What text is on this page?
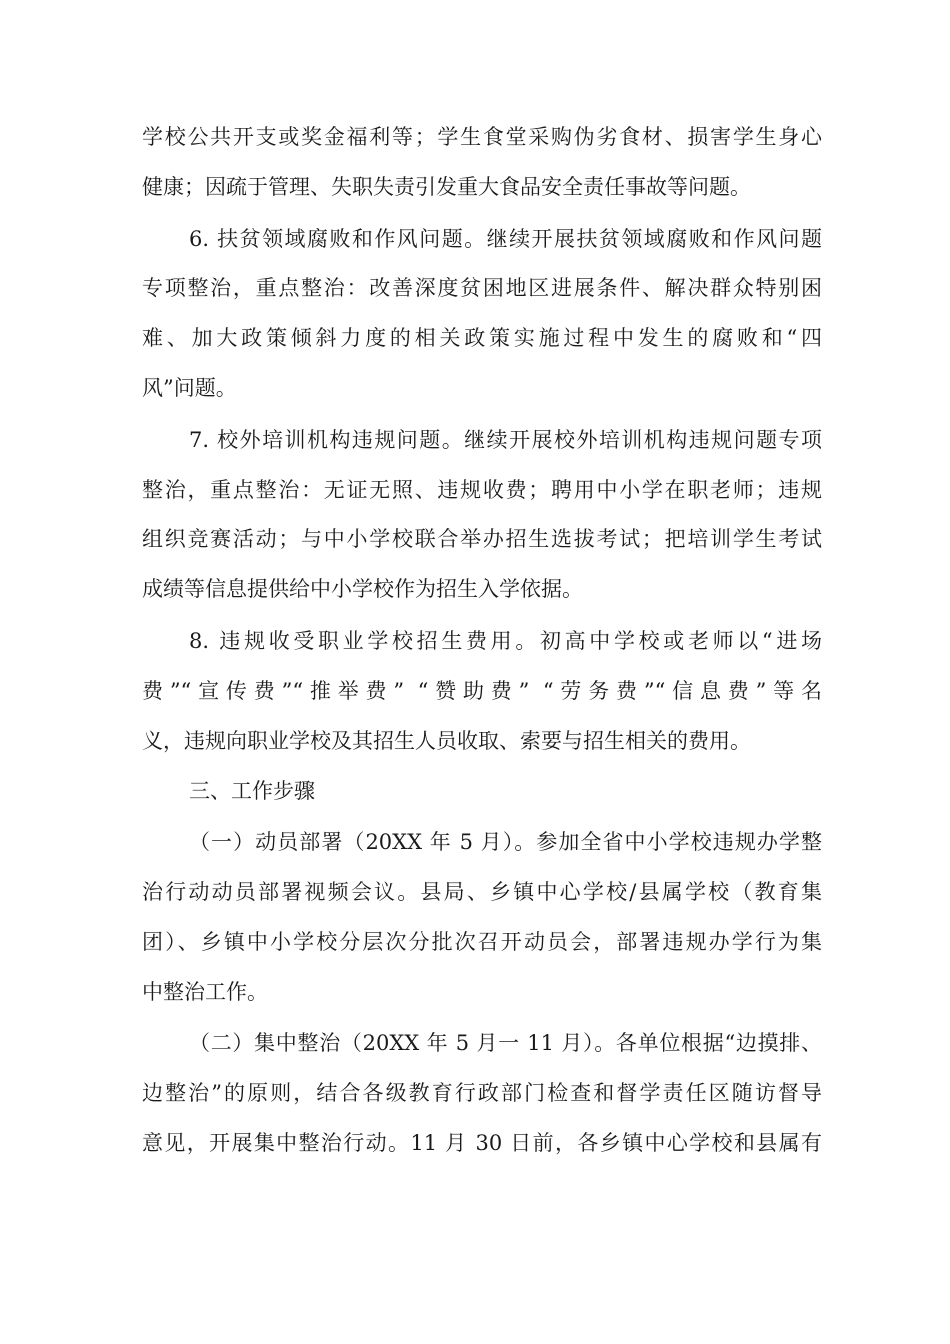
学校公共开支或奖金福利等；学生食堂采购伪劣食材、损害学生身心
健康；因疏于管理、失职失责引发重大食品安全责任事故等问题。
6. 扶贫领域腐败和作风问题。继续开展扶贫领域腐败和作风问题
专项整治，重点整治：改善深度贫困地区进展条件、解决群众特别困
难、加大政策倾斜力度的相关政策实施过程中发生的腐败和“四
风”问题。
7. 校外培训机构违规问题。继续开展校外培训机构违规问题专项
整治，重点整治：无证无照、违规收费；聘用中小学在职老师；违规
组织竞赛活动；与中小学校联合举办招生选拔考试；把培训学生考试
成绩等信息提供给中小学校作为招生入学依据。
8. 违规收受职业学校招生费用。初高中学校或老师以“进场
费”“宣传费”“推举费” “赞助费” “劳务费”“信息费”等名
义，违规向职业学校及其招生人员收取、索要与招生相关的费用。
三、工作步骤
（一）动员部署（20XX 年 5 月）。参加全省中小学校违规办学整
治行动动员部署视频会议。县局、乡镇中心学校/县属学校（教育集
团）、乡镇中小学校分层次分批次召开动员会，部署违规办学行为集
中整治工作。
（二）集中整治（20XX 年 5 月一 11 月）。各单位根据“边摸排、
边整治”的原则，结合各级教育行政部门检查和督学责任区随访督导
意见，开展集中整治行动。11 月 30 日前，各乡镇中心学校和县属有
